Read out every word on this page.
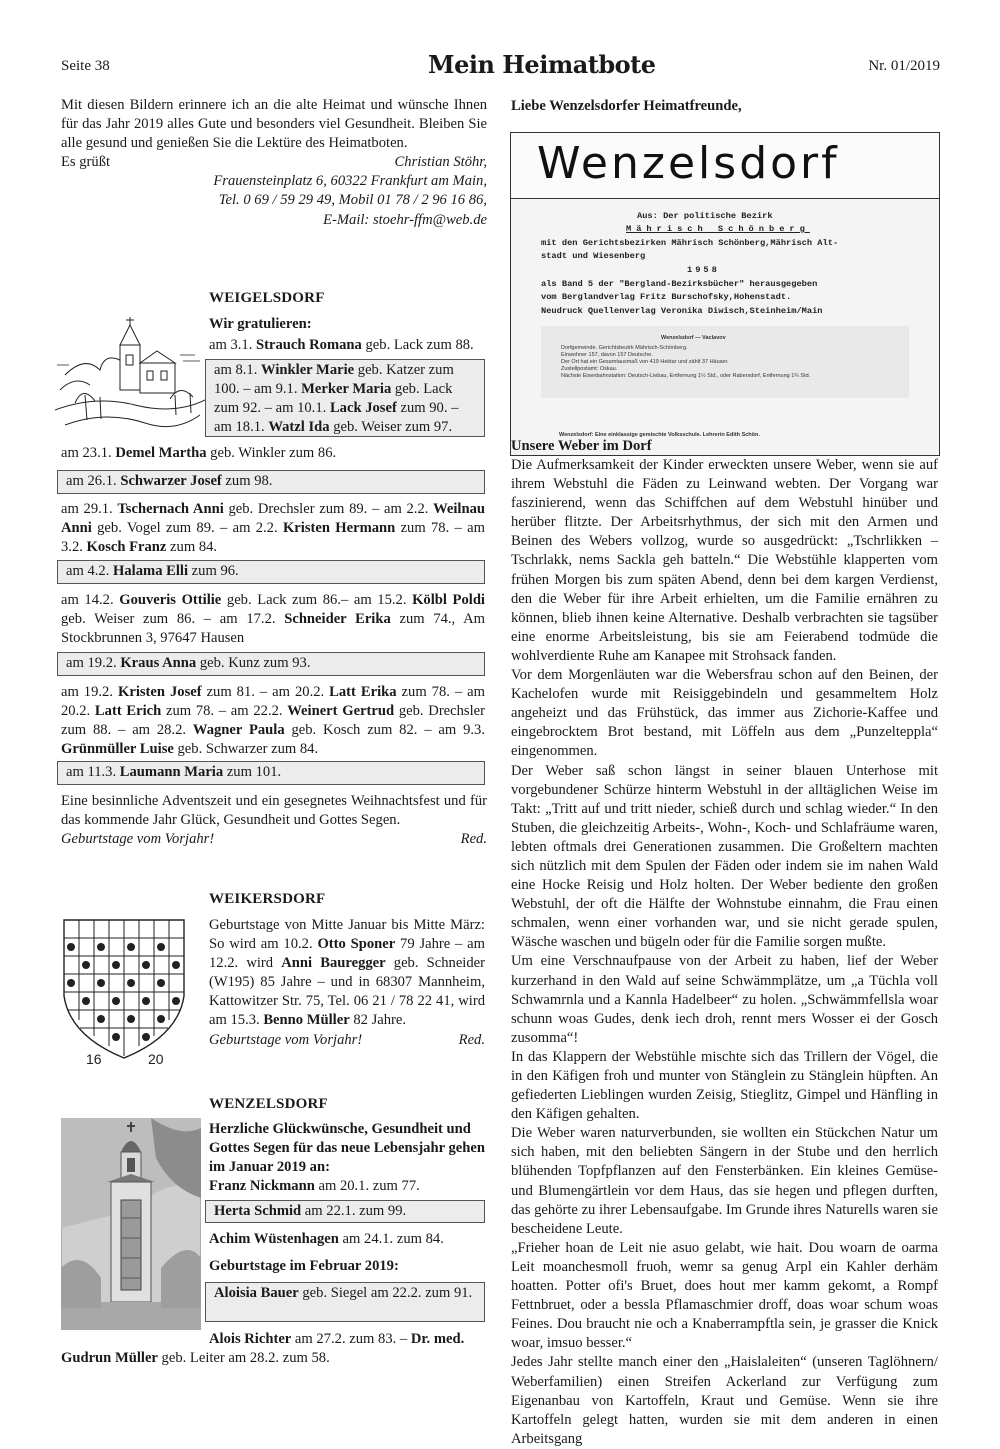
Seite 38	Mein Heimatbote	Nr. 01/2019

Mit diesen Bildern erinnere ich an die alte Heimat und wünsche Ihnen für das Jahr 2019 alles Gute und besonders viel Gesundheit. Bleiben Sie alle gesund und genießen Sie die Lektüre des Heimatboten.

Es grüßt	Christian Stöhr,
Frauensteinplatz 6, 60322 Frankfurt am Main,
Tel. 0 69 / 59 29 49, Mobil 01 78 / 2 96 16 86,
E-Mail: stoehr-ffm@web.de
WEIGELSDORF
Wir gratulieren:
am 3.1. Strauch Romana geb. Lack zum 88.
am 8.1. Winkler Marie geb. Katzer zum
100. – am 9.1. Merker Maria geb. Lack
zum 92. – am 10.1. Lack Josef zum 90. –
am 18.1. Watzl Ida geb. Weiser zum 97.
am 23.1. Demel Martha geb. Winkler zum 86.
am 26.1. Schwarzer Josef zum 98.
am 29.1. Tschernach Anni geb. Drechsler zum 89. – am 2.2. Weilnau Anni geb. Vogel zum 89. – am 2.2. Kristen Hermann zum 78. – am 3.2. Kosch Franz zum 84.
am 4.2. Halama Elli zum 96.
am 14.2. Gouveris Ottilie geb. Lack zum 86.– am 15.2. Kölbl Poldi geb. Weiser zum 86. – am 17.2. Schneider Erika zum 74., Am Stockbrunnen 3, 97647 Hausen
am 19.2. Kraus Anna geb. Kunz zum 93.
am 19.2. Kristen Josef zum 81. – am 20.2. Latt Erika zum 78. – am 20.2. Latt Erich zum 78. – am 22.2. Weinert Gertrud geb. Drechsler zum 88. – am 28.2. Wagner Paula geb. Kosch zum 82. – am 9.3. Grünmüller Luise geb. Schwarzer zum 84.
am 11.3. Laumann Maria zum 101.
Eine besinnliche Adventszeit und ein gesegnetes Weihnachtsfest und für das kommende Jahr Glück, Gesundheit und Gottes Segen.
Geburtstage vom Vorjahr!	Red.
WEIKERSDORF
16	20
Geburtstage von Mitte Januar bis Mitte März: So wird am 10.2. Otto Sponer 79 Jahre – am 12.2. wird Anni Bauregger geb. Schneider (W195) 85 Jahre – und in 68307 Mannheim, Kattowitzer Str. 75, Tel. 06 21 / 78 22 41, wird am 15.3. Benno Müller 82 Jahre.
Geburtstage vom Vorjahr!	Red.
WENZELSDORF
Herzliche Glückwünsche, Gesundheit und Gottes Segen für das neue Lebensjahr gehen im Januar 2019 an:
Franz Nickmann am 20.1. zum 77.
Herta Schmid am 22.1. zum 99.
Achim Wüstenhagen am 24.1. zum 84.
Geburtstage im Februar 2019:
Aloisia Bauer geb. Siegel am 22.2. zum 91.
Alois Richter am 27.2. zum 83. – Dr. med.
Gudrun Müller geb. Leiter am 28.2. zum 58.
Liebe Wenzelsdorfer Heimatfreunde,
Wenzelsdorf
Aus: Der politische Bezirk
Mährisch Schönberg
mit den Gerichtsbezirken Mährisch Schönberg,Mährisch Alt-
stadt und Wiesenberg
1958
als Band 5 der "Bergland-Bezirksbücher" herausgegeben
vom Berglandverlag Fritz Burschofsky,Hohenstadt.
Neudruck Quellenverlag Veronika Diwisch,Steinheim/Main
Wenzelsdorf — Vaclavov
Dorfgemeinde. Gerichtsbezirk Mährisch-Schönberg.
Einwohner 157, davon 157 Deutsche.
Der Ort hat ein Gesamtausmaß von 419 Hektar und zählt 37 Häuser.
Zustellpostamt: Oskau.
Nächste Eisenbahnstation: Deutsch-Liebau, Entfernung 1½ Std., oder Rabersdorf, Entfernung 1¾ Std.
Wenzelsdorf: Eine einklassige gemischte Volksschule. Lehrerin Edith Schön.
Unsere Weber im Dorf

Die Aufmerksamkeit der Kinder erweckten unsere Weber, wenn sie auf ihrem Webstuhl die Fäden zu Leinwand webten. Der Vorgang war faszinierend, wenn das Schiffchen auf dem Webstuhl hinüber und herüber flitzte. Der Arbeitsrhythmus, der sich mit den Armen und Beinen des Webers vollzog, wurde so ausgedrückt: „Tschrlikken – Tschrlakk, nems Sackla geh batteln.“ Die Webstühle klapperten vom frühen Morgen bis zum späten Abend, denn bei dem kargen Verdienst, den die Weber für ihre Arbeit erhielten, um die Familie ernähren zu können, blieb ihnen keine Alternative. Deshalb verbrachten sie tagsüber eine enorme Arbeitsleistung, bis sie am Feierabend todmüde die wohlverdiente Ruhe am Kanapee mit Strohsack fanden.

Vor dem Morgenläuten war die Webersfrau schon auf den Beinen, der Kachelofen wurde mit Reisiggebindeln und gesammeltem Holz angeheizt und das Frühstück, das immer aus Zichorie-Kaffee und eingebrocktem Brot bestand, mit Löffeln aus dem „Punzelteppla“ eingenommen.

Der Weber saß schon längst in seiner blauen Unterhose mit vorgebundener Schürze hinterm Webstuhl in der alltäglichen Weise im Takt: „Tritt auf und tritt nieder, schieß durch und schlag wieder.“ In den Stuben, die gleichzeitig Arbeits-, Wohn-, Koch- und Schlafräume waren, lebten oftmals drei Generationen zusammen. Die Großeltern machten sich nützlich mit dem Spulen der Fäden oder indem sie im nahen Wald eine Hocke Reisig und Holz holten. Der Weber bediente den großen Webstuhl, der oft die Hälfte der Wohnstube einnahm, die Frau einen schmalen, wenn einer vorhanden war, und sie nicht gerade spulen, Wäsche waschen und bügeln oder für die Familie sorgen mußte.

Um eine Verschnaufpause von der Arbeit zu haben, lief der Weber kurzerhand in den Wald auf seine Schwämmplätze, um „a Tüchla voll Schwamrnla und a Kannla Hadelbeer“ zu holen. „Schwämmfellsla woar schunn woas Gudes, denk iech droh, rennt mers Wosser ei der Gosch zusomma“!

In das Klappern der Webstühle mischte sich das Trillern der Vögel, die in den Käfigen froh und munter von Stänglein zu Stänglein hüpften. An gefiederten Lieblingen wurden Zeisig, Stieglitz, Gimpel und Hänfling in den Käfigen gehalten.

Die Weber waren naturverbunden, sie wollten ein Stückchen Natur um sich haben, mit den beliebten Sängern in der Stube und den herrlich blühenden Topfpflanzen auf den Fensterbänken. Ein kleines Gemüse- und Blumengärtlein vor dem Haus, das sie hegen und pflegen durften, das gehörte zu ihrer Lebensaufgabe. Im Grunde ihres Naturells waren sie bescheidene Leute.

„Frieher hoan de Leit nie asuo gelabt, wie hait. Dou woarn de oarma Leit moanchesmoll fruoh, wemr sa genug Arpl ein Kahler derhäm hoatten. Potter ofi's Bruet, does hout mer kamm gekomt, a Rompf Fettnbruet, oder a bessla Pflamaschmier droff, doas woar schum woas Feines. Dou braucht nie och a Knaberrampftla sein, je grasser die Knick woar, imsuo besser.“

Jedes Jahr stellte manch einer den „Haislaleiten“ (unseren Taglöhnern/ Weberfamilien) einen Streifen Ackerland zur Verfügung zum Eigenanbau von Kartoffeln, Kraut und Gemüse. Wenn sie ihre Kartoffeln gelegt hatten, wurden sie mit dem anderen in einen Arbeitsgang
